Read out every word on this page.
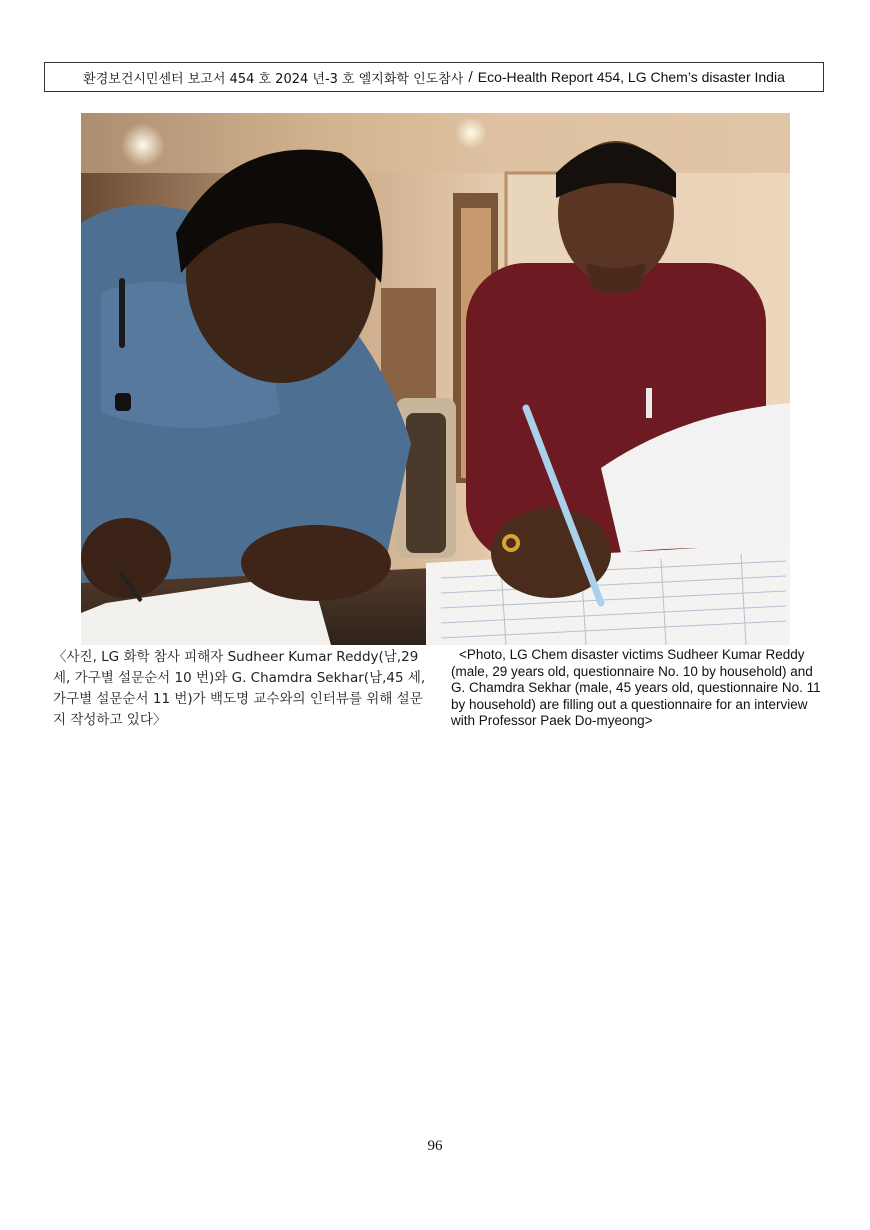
환경보건시민센터 보고서 454 호 2024 년-3 호 엘지화학 인도참사 / Eco-Health Report 454, LG Chem’s disaster India
〈사진, LG 화학 참사 피해자 Sudheer Kumar Reddy(남,29 세, 가구별 설문순서 10 번)와 G. Chamdra Sekhar(남,45 세, 가구별 설문순서 11 번)가 백도명 교수와의 인터뷰를 위해 설문지 작성하고 있다〉
<Photo, LG Chem disaster victims Sudheer Kumar Reddy (male, 29 years old, questionnaire No. 10 by household) and G. Chamdra Sekhar (male, 45 years old, questionnaire No. 11 by household) are filling out a questionnaire for an interview with Professor Paek Do-myeong>
96
